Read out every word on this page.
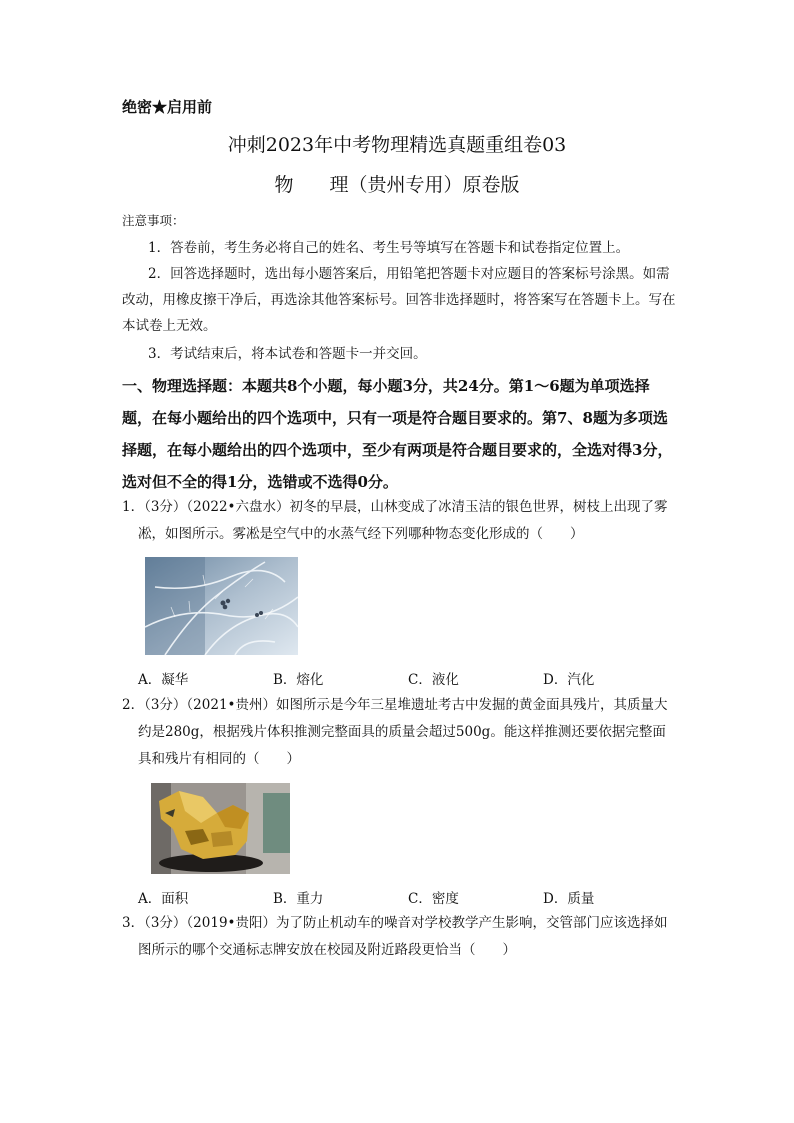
绝密★启用前
冲刺2023年中考物理精选真题重组卷03
物 理（贵州专用）原卷版
注意事项：
1．答卷前，考生务必将自己的姓名、考生号等填写在答题卡和试卷指定位置上。
2．回答选择题时，选出每小题答案后，用铅笔把答题卡对应题目的答案标号涂黑。如需改动，用橡皮擦干净后，再选涂其他答案标号。回答非选择题时，将答案写在答题卡上。写在本试卷上无效。
3．考试结束后，将本试卷和答题卡一并交回。
一、物理选择题：本题共8个小题，每小题3分，共24分。第1～6题为单项选择题，在每小题给出的四个选项中，只有一项是符合题目要求的。第7、8题为多项选择题，在每小题给出的四个选项中，至少有两项是符合题目要求的，全选对得3分，选对但不全的得1分，选错或不选得0分。
1．（3分）（2022•六盘水）初冬的早晨，山林变成了冰清玉洁的银色世界，树枝上出现了雾凇，如图所示。雾凇是空气中的水蒸气经下列哪种物态变化形成的（　　）
A．凝华	B．熔化	C．液化	D．汽化
2．（3分）（2021•贵州）如图所示是今年三星堆遗址考古中发掘的黄金面具残片，其质量大约是280g，根据残片体积推测完整面具的质量会超过500g。能这样推测还要依据完整面具和残片有相同的（　　）
A．面积	B．重力	C．密度	D．质量
3．（3分）（2019•贵阳）为了防止机动车的噪音对学校教学产生影响，交管部门应该选择如图所示的哪个交通标志牌安放在校园及附近路段更恰当（　　）
